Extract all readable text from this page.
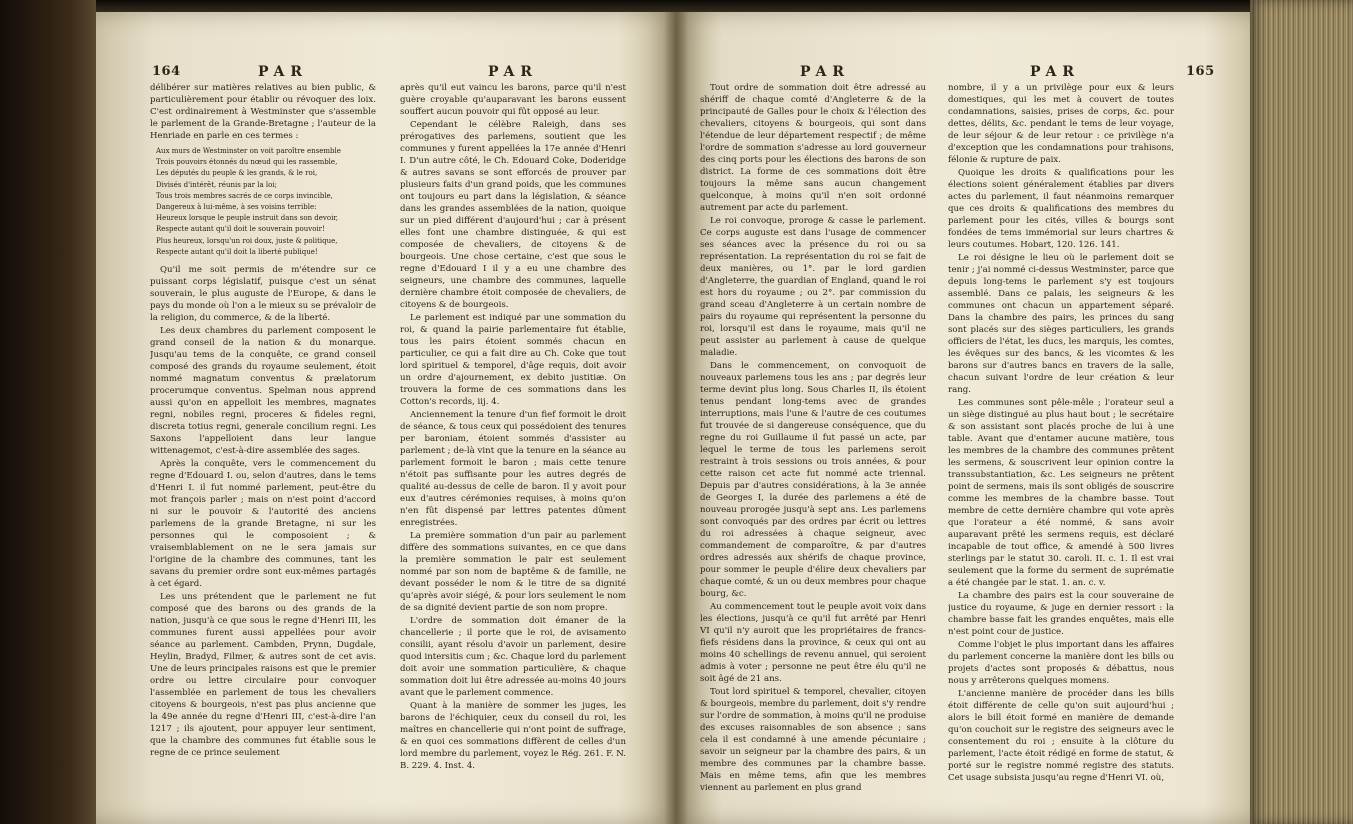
164	PAR	PAR	PAR	PAR	165

délibérer sur matières relatives au bien public, & particulièrement pour établir ou révoquer des loix. C'est ordinairement à Westminster que s'assemble le parlement de la Grande-Bretagne ; l'auteur de la Henriade en parle en ces termes :

Aux murs de Westminster on voit paroître ensemble
Trois pouvoirs étonnés du nœud qui les rassemble,
Les députés du peuple & les grands, & le roi,
Divisés d'intérêt, réunis par la loi;
Tous trois membres sacrés de ce corps invincible,
Dangereux à lui-même, à ses voisins terrible:
Heureux lorsque le peuple instruit dans son devoir,
Respecte autant qu'il doit le souverain pouvoir!
Plus heureux, lorsqu'un roi doux, juste & politique,
Respecte autant qu'il doit la liberté publique!

Qu'il me soit permis de m'étendre sur ce puissant corps législatif, puisque c'est un sénat souverain, le plus auguste de l'Europe, & dans le pays du monde où l'on a le mieux su se prévaloir de la religion, du commerce, & de la liberté.

Les deux chambres du parlement composent le grand conseil de la nation & du monarque. Jusqu'au tems de la conquête, ce grand conseil composé des grands du royaume seulement, étoit nommé magnatum conventus & prælatorum procerumque conventus. Spelman nous apprend aussi qu'on en appelloit les membres, magnates regni, nobiles regni, proceres & fideles regni, discreta totius regni, generale concilium regni. Les Saxons l'appelloient dans leur langue wittenagemot, c'est-à-dire assemblée des sages.

Après la conquête, vers le commencement du regne d'Edouard I. ou, selon d'autres, dans le tems d'Henri I. il fut nommé parlement, peut-être du mot françois parler ; mais on n'est point d'accord ni sur le pouvoir & l'autorité des anciens parlemens de la grande Bretagne, ni sur les personnes qui le composoient ; & vraisemblablement on ne le sera jamais sur l'origine de la chambre des communes, tant les savans du premier ordre sont eux-mêmes partagés à cet égard.

Les uns prétendent que le parlement ne fut composé que des barons ou des grands de la nation, jusqu'à ce que sous le regne d'Henri III, les communes furent aussi appellées pour avoir séance au parlement. Cambden, Prynn, Dugdale, Heylin, Bradyd, Filmer, & autres sont de cet avis. Une de leurs principales raisons est que le premier ordre ou lettre circulaire pour convoquer l'assemblée en parlement de tous les chevaliers citoyens & bourgeois, n'est pas plus ancienne que la 49e année du regne d'Henri III, c'est-à-dire l'an 1217 ; ils ajoutent, pour appuyer leur sentiment, que la chambre des communes fut établie sous le regne de ce prince seulement

après qu'il eut vaincu les barons, parce qu'il n'est guère croyable qu'auparavant les barons eussent souffert aucun pouvoir qui fût opposé au leur.

Cependant le célèbre Raleigh, dans ses prérogatives des parlemens, soutient que les communes y furent appellées la 17e année d'Henri I. D'un autre côté, le Ch. Edouard Coke, Doderidge & autres savans se sont efforcés de prouver par plusieurs faits d'un grand poids, que les communes ont toujours eu part dans la législation, & séance dans les grandes assemblées de la nation, quoique sur un pied différent d'aujourd'hui ; car à présent elles font une chambre distinguée, & qui est composée de chevaliers, de citoyens & de bourgeois. Une chose certaine, c'est que sous le regne d'Edouard I il y a eu une chambre des seigneurs, une chambre des communes, laquelle dernière chambre étoit composée de chevaliers, de citoyens & de bourgeois.

Le parlement est indiqué par une sommation du roi, & quand la pairie parlementaire fut établie, tous les pairs étoient sommés chacun en particulier, ce qui a fait dire au Ch. Coke que tout lord spirituel & temporel, d'âge requis, doit avoir un ordre d'ajournement, ex debito justitiæ. On trouvera la forme de ces sommations dans les Cotton's records, iij. 4.

Anciennement la tenure d'un fief formoit le droit de séance, & tous ceux qui possédoient des tenures per baroniam, étoient sommés d'assister au parlement ; de-là vint que la tenure en la séance au parlement formoit le baron ; mais cette tenure n'étoit pas suffisante pour les autres degrés de qualité au-dessus de celle de baron. Il y avoit pour eux d'autres cérémonies requises, à moins qu'on n'en fût dispensé par lettres patentes dûment enregistrées.

La première sommation d'un pair au parlement diffère des sommations suivantes, en ce que dans la première sommation le pair est seulement nommé par son nom de baptême & de famille, ne devant posséder le nom & le titre de sa dignité qu'après avoir siégé, & pour lors seulement le nom de sa dignité devient partie de son nom propre.

L'ordre de sommation doit émaner de la chancellerie ; il porte que le roi, de avisamento consilii, ayant résolu d'avoir un parlement, desire quod intersitis cum ; &c. Chaque lord du parlement doit avoir une sommation particulière, & chaque sommation doit lui être adressée au-moins 40 jours avant que le parlement commence.

Quant à la manière de sommer les juges, les barons de l'échiquier, ceux du conseil du roi, les maîtres en chancellerie qui n'ont point de suffrage, & en quoi ces sommations diffèrent de celles d'un lord membre du parlement, voyez le Rég. 261. F. N. B. 229. 4. Inst. 4.

Tout ordre de sommation doit être adressé au shériff de chaque comté d'Angleterre & de la principauté de Galles pour le choix & l'élection des chevaliers, citoyens & bourgeois, qui sont dans l'étendue de leur département respectif ; de même l'ordre de sommation s'adresse au lord gouverneur des cinq ports pour les élections des barons de son district. La forme de ces sommations doit être toujours la même sans aucun changement quelconque, à moins qu'il n'en soit ordonné autrement par acte du parlement.

Le roi convoque, proroge & casse le parlement. Ce corps auguste est dans l'usage de commencer ses séances avec la présence du roi ou sa représentation. La représentation du roi se fait de deux manières, ou 1°. par le lord gardien d'Angleterre, the guardian of England, quand le roi est hors du royaume ; ou 2°. par commission du grand sceau d'Angleterre à un certain nombre de pairs du royaume qui représentent la personne du roi, lorsqu'il est dans le royaume, mais qu'il ne peut assister au parlement à cause de quelque maladie.

Dans le commencement, on convoquoit de nouveaux parlemens tous les ans ; par degrés leur terme devint plus long. Sous Charles II, ils étoient tenus pendant long-tems avec de grandes interruptions, mais l'une & l'autre de ces coutumes fut trouvée de si dangereuse conséquence, que du regne du roi Guillaume il fut passé un acte, par lequel le terme de tous les parlemens seroit restraint à trois sessions ou trois années, & pour cette raison cet acte fut nommé acte triennal. Depuis par d'autres considérations, à la 3e année de Georges I, la durée des parlemens a été de nouveau prorogée jusqu'à sept ans. Les parlemens sont convoqués par des ordres par écrit ou lettres du roi adressées à chaque seigneur, avec commandement de comparoître, & par d'autres ordres adressés aux shérifs de chaque province, pour sommer le peuple d'élire deux chevaliers par chaque comté, & un ou deux membres pour chaque bourg, &c.

Au commencement tout le peuple avoit voix dans les élections, jusqu'à ce qu'il fut arrêté par Henri VI qu'il n'y auroit que les propriétaires de francs-fiefs résidens dans la province, & ceux qui ont au moins 40 schellings de revenu annuel, qui seroient admis à voter ; personne ne peut être élu qu'il ne soit âgé de 21 ans.

Tout lord spirituel & temporel, chevalier, citoyen & bourgeois, membre du parlement, doit s'y rendre sur l'ordre de sommation, à moins qu'il ne produise des excuses raisonnables de son absence ; sans cela il est condamné à une amende pécuniaire ; savoir un seigneur par la chambre des pairs, & un membre des communes par la chambre basse. Mais en même tems, afin que les membres viennent au parlement en plus grand

nombre, il y a un privilège pour eux & leurs domestiques, qui les met à couvert de toutes condamnations, saisies, prises de corps, &c. pour dettes, délits, &c. pendant le tems de leur voyage, de leur séjour & de leur retour : ce privilège n'a d'exception que les condamnations pour trahisons, félonie & rupture de paix.

Quoique les droits & qualifications pour les élections soient généralement établies par divers actes du parlement, il faut néanmoins remarquer que ces droits & qualifications des membres du parlement pour les cités, villes & bourgs sont fondées de tems immémorial sur leurs chartres & leurs coutumes. Hobart, 120. 126. 141.

Le roi désigne le lieu où le parlement doit se tenir ; j'ai nommé ci-dessus Westminster, parce que depuis long-tems le parlement s'y est toujours assemblé. Dans ce palais, les seigneurs & les communes ont chacun un appartement séparé. Dans la chambre des pairs, les princes du sang sont placés sur des sièges particuliers, les grands officiers de l'état, les ducs, les marquis, les comtes, les évêques sur des bancs, & les vicomtes & les barons sur d'autres bancs en travers de la salle, chacun suivant l'ordre de leur création & leur rang.

Les communes sont pêle-mêle ; l'orateur seul a un siège distingué au plus haut bout ; le secrétaire & son assistant sont placés proche de lui à une table. Avant que d'entamer aucune matière, tous les membres de la chambre des communes prêtent les sermens, & souscrivent leur opinion contre la transsubstantiation, &c. Les seigneurs ne prêtent point de sermens, mais ils sont obligés de souscrire comme les membres de la chambre basse. Tout membre de cette dernière chambre qui vote après que l'orateur a été nommé, & sans avoir auparavant prêté les sermens requis, est déclaré incapable de tout office, & amendé à 500 livres sterlings par le statut 30. caroli. II. c. 1. Il est vrai seulement que la forme du serment de suprématie a été changée par le stat. 1. an. c. v.

La chambre des pairs est la cour souveraine de justice du royaume, & juge en dernier ressort : la chambre basse fait les grandes enquêtes, mais elle n'est point cour de justice.

Comme l'objet le plus important dans les affaires du parlement concerne la manière dont les bills ou projets d'actes sont proposés & débattus, nous nous y arrêterons quelques momens.

L'ancienne manière de procéder dans les bills étoit différente de celle qu'on suit aujourd'hui ; alors le bill étoit formé en manière de demande qu'on couchoit sur le registre des seigneurs avec le consentement du roi ; ensuite à la clôture du parlement, l'acte étoit rédigé en forme de statut, & porté sur le registre nommé registre des statuts. Cet usage subsista jusqu'au regne d'Henri VI. où,
